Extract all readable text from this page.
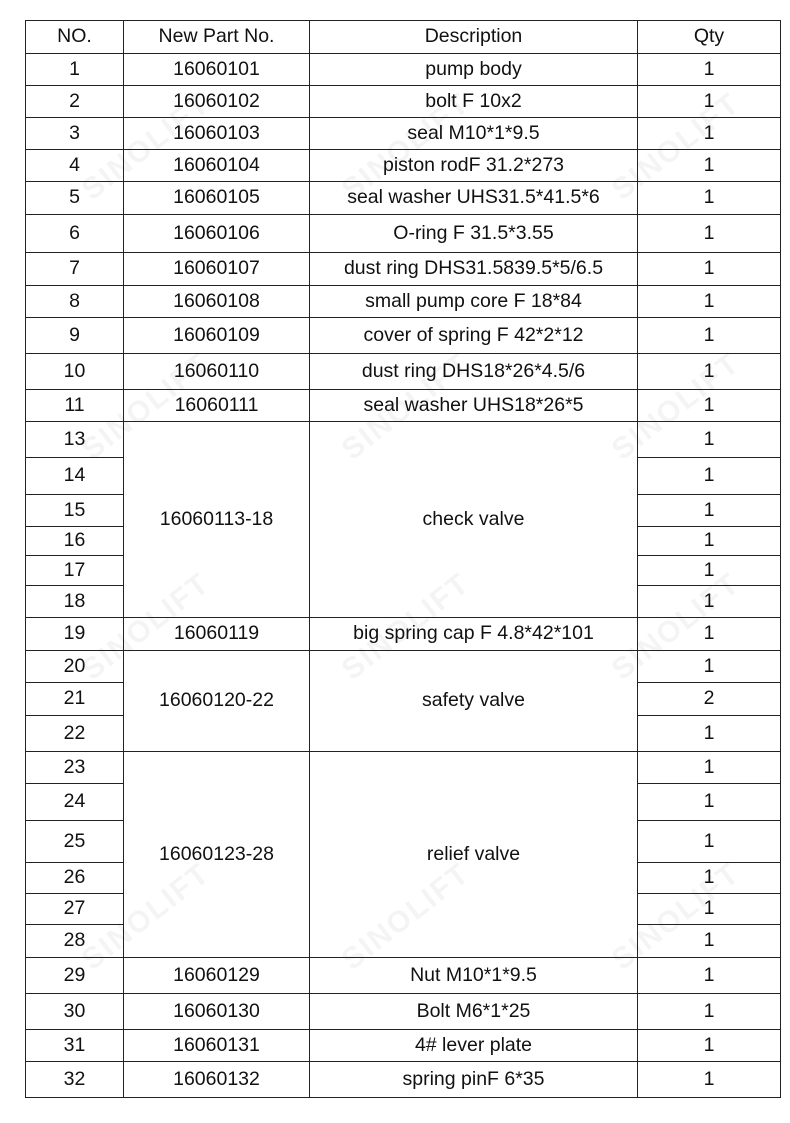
NO.	New Part No.	Description	Qty
1	16060101	pump body	1
2	16060102	bolt F 10x2	1
3	16060103	seal M10*1*9.5	1
4	16060104	piston rodF 31.2*273	1
5	16060105	seal washer UHS31.5*41.5*6	1
6	16060106	O-ring F 31.5*3.55	1
7	16060107	dust ring DHS31.5839.5*5/6.5	1
8	16060108	small pump core F 18*84	1
9	16060109	cover of spring F 42*2*12	1
10	16060110	dust ring DHS18*26*4.5/6	1
11	16060111	seal washer UHS18*26*5	1
13	16060113-18	check valve	1
14			1
15			1
16			1
17			1
18			1
19	16060119	big spring cap F 4.8*42*101	1
20	16060120-22	safety valve	1
21			2
22			1
23	16060123-28	relief valve	1
24			1
25			1
26			1
27			1
28			1
29	16060129	Nut M10*1*9.5	1
30	16060130	Bolt M6*1*25	1
31	16060131	4# lever plate	1
32	16060132	spring pinF 6*35	1
